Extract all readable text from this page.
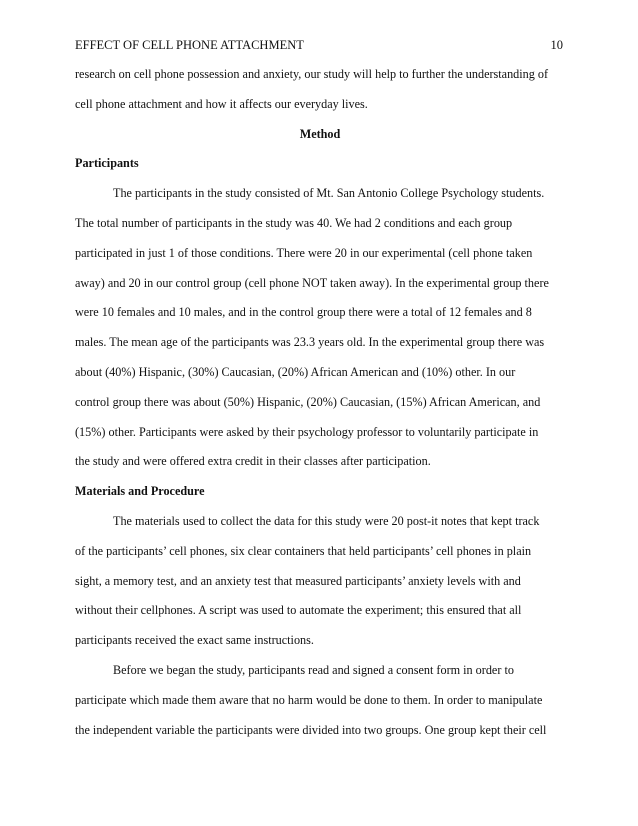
EFFECT OF CELL PHONE ATTACHMENT	10
research on cell phone possession and anxiety, our study will help to further the understanding of
cell phone attachment and how it affects our everyday lives.
Method
Participants
The participants in the study consisted of Mt. San Antonio College Psychology students.
The total number of participants in the study was 40. We had 2 conditions and each group
participated in just 1 of those conditions. There were 20 in our experimental (cell phone taken
away) and 20 in our control group (cell phone NOT taken away). In the experimental group there
were 10 females and 10 males, and in the control group there were a total of 12 females and 8
males. The mean age of the participants was 23.3 years old. In the experimental group there was
about (40%) Hispanic, (30%) Caucasian, (20%) African American and (10%) other. In our
control group there was about (50%) Hispanic, (20%) Caucasian, (15%) African American, and
(15%) other. Participants were asked by their psychology professor to voluntarily participate in
the study and were offered extra credit in their classes after participation.
Materials and Procedure
The materials used to collect the data for this study were 20 post-it notes that kept track
of the participants’ cell phones, six clear containers that held participants’ cell phones in plain
sight, a memory test, and an anxiety test that measured participants’ anxiety levels with and
without their cellphones. A script was used to automate the experiment; this ensured that all
participants received the exact same instructions.
Before we began the study, participants read and signed a consent form in order to
participate which made them aware that no harm would be done to them. In order to manipulate
the independent variable the participants were divided into two groups. One group kept their cell
